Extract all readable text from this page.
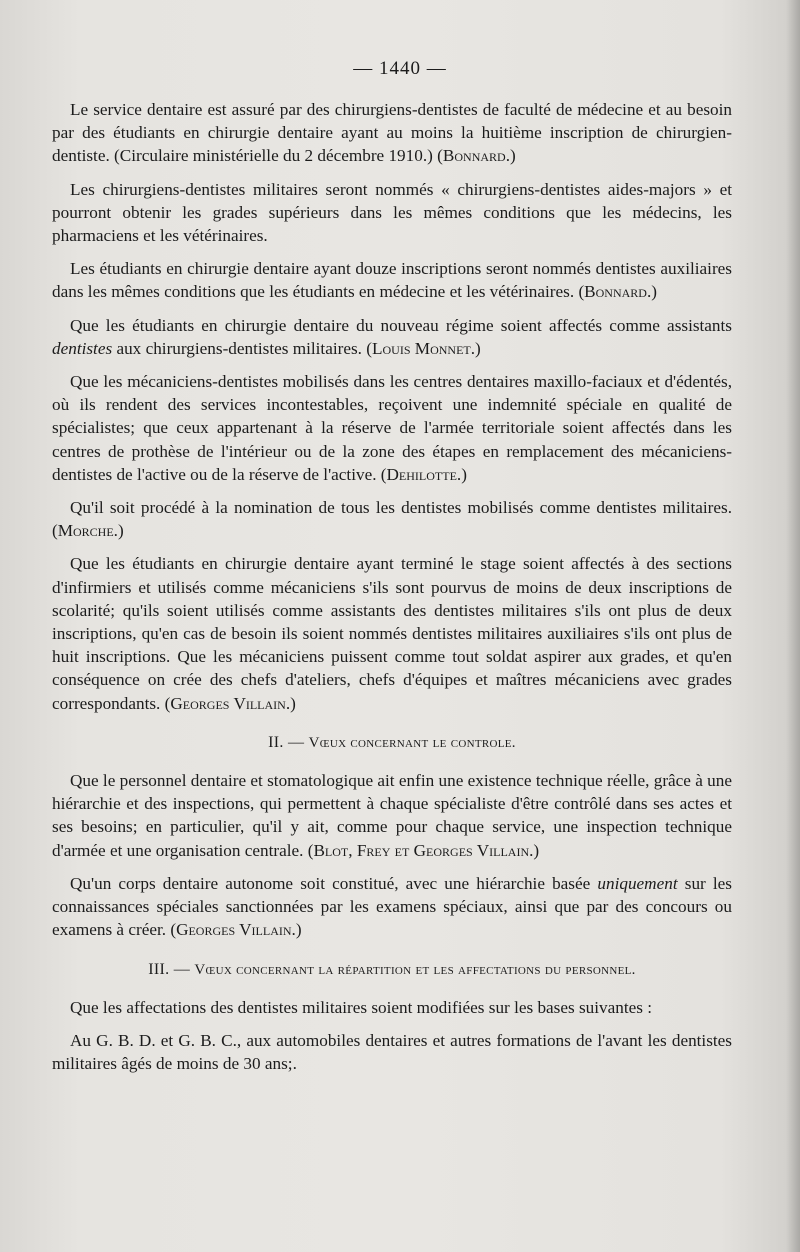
— 1440 —

Le service dentaire est assuré par des chirurgiens-dentistes de faculté de médecine et au besoin par des étudiants en chirurgie dentaire ayant au moins la huitième inscription de chirurgien-dentiste. (Circulaire ministérielle du 2 décembre 1910.) (Bonnard.)

Les chirurgiens-dentistes militaires seront nommés « chirurgiens-dentistes aides-majors » et pourront obtenir les grades supérieurs dans les mêmes conditions que les médecins, les pharmaciens et les vétérinaires.

Les étudiants en chirurgie dentaire ayant douze inscriptions seront nommés dentistes auxiliaires dans les mêmes conditions que les étudiants en médecine et les vétérinaires. (Bonnard.)

Que les étudiants en chirurgie dentaire du nouveau régime soient affectés comme assistants dentistes aux chirurgiens-dentistes militaires. (Louis Monnet.)

Que les mécaniciens-dentistes mobilisés dans les centres dentaires maxillo-faciaux et d'édentés, où ils rendent des services incontestables, reçoivent une indemnité spéciale en qualité de spécialistes; que ceux appartenant à la réserve de l'armée territoriale soient affectés dans les centres de prothèse de l'intérieur ou de la zone des étapes en remplacement des mécaniciens-dentistes de l'active ou de la réserve de l'active. (Dehilotte.)

Qu'il soit procédé à la nomination de tous les dentistes mobilisés comme dentistes militaires. (Morche.)

Que les étudiants en chirurgie dentaire ayant terminé le stage soient affectés à des sections d'infirmiers et utilisés comme mécaniciens s'ils sont pourvus de moins de deux inscriptions de scolarité; qu'ils soient utilisés comme assistants des dentistes militaires s'ils ont plus de deux inscriptions, qu'en cas de besoin ils soient nommés dentistes militaires auxiliaires s'ils ont plus de huit inscriptions. Que les mécaniciens puissent comme tout soldat aspirer aux grades, et qu'en conséquence on crée des chefs d'ateliers, chefs d'équipes et maîtres mécaniciens avec grades correspondants. (Georges Villain.)

II. — Vœux concernant le controle.

Que le personnel dentaire et stomatologique ait enfin une existence technique réelle, grâce à une hiérarchie et des inspections, qui permettent à chaque spécialiste d'être contrôlé dans ses actes et ses besoins; en particulier, qu'il y ait, comme pour chaque service, une inspection technique d'armée et une organisation centrale. (Blot, Frey et Georges Villain.)

Qu'un corps dentaire autonome soit constitué, avec une hiérarchie basée uniquement sur les connaissances spéciales sanctionnées par les examens spéciaux, ainsi que par des concours ou examens à créer. (Georges Villain.)

III. — Vœux concernant la répartition et les affectations du personnel.

Que les affectations des dentistes militaires soient modifiées sur les bases suivantes :

Au G. B. D. et G. B. C., aux automobiles dentaires et autres formations de l'avant les dentistes militaires âgés de moins de 30 ans;.
